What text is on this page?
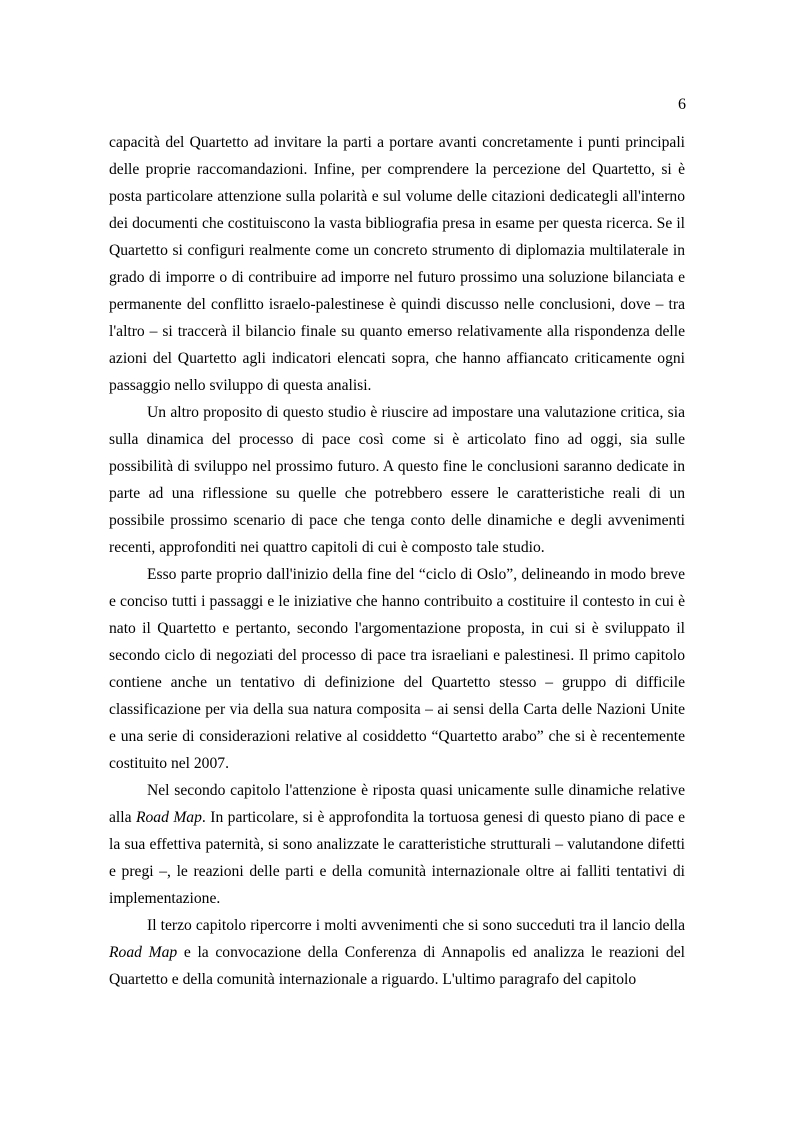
6

capacità del Quartetto ad invitare la parti a portare avanti concretamente i punti principali delle proprie raccomandazioni. Infine, per comprendere la percezione del Quartetto, si è posta particolare attenzione sulla polarità e sul volume delle citazioni dedicategli all'interno dei documenti che costituiscono la vasta bibliografia presa in esame per questa ricerca. Se il Quartetto si configuri realmente come un concreto strumento di diplomazia multilaterale in grado di imporre o di contribuire ad imporre nel futuro prossimo una soluzione bilanciata e permanente del conflitto israelo-palestinese è quindi discusso nelle conclusioni, dove – tra l'altro – si traccerà il bilancio finale su quanto emerso relativamente alla rispondenza delle azioni del Quartetto agli indicatori elencati sopra, che hanno affiancato criticamente ogni passaggio nello sviluppo di questa analisi.

Un altro proposito di questo studio è riuscire ad impostare una valutazione critica, sia sulla dinamica del processo di pace così come si è articolato fino ad oggi, sia sulle possibilità di sviluppo nel prossimo futuro. A questo fine le conclusioni saranno dedicate in parte ad una riflessione su quelle che potrebbero essere le caratteristiche reali di un possibile prossimo scenario di pace che tenga conto delle dinamiche e degli avvenimenti recenti, approfonditi nei quattro capitoli di cui è composto tale studio.

Esso parte proprio dall'inizio della fine del “ciclo di Oslo”, delineando in modo breve e conciso tutti i passaggi e le iniziative che hanno contribuito a costituire il contesto in cui è nato il Quartetto e pertanto, secondo l'argomentazione proposta, in cui si è sviluppato il secondo ciclo di negoziati del processo di pace tra israeliani e palestinesi. Il primo capitolo contiene anche un tentativo di definizione del Quartetto stesso – gruppo di difficile classificazione per via della sua natura composita – ai sensi della Carta delle Nazioni Unite e una serie di considerazioni relative al cosiddetto “Quartetto arabo” che si è recentemente costituito nel 2007.

Nel secondo capitolo l'attenzione è riposta quasi unicamente sulle dinamiche relative alla Road Map. In particolare, si è approfondita la tortuosa genesi di questo piano di pace e la sua effettiva paternità, si sono analizzate le caratteristiche strutturali – valutandone difetti e pregi –, le reazioni delle parti e della comunità internazionale oltre ai falliti tentativi di implementazione.

Il terzo capitolo ripercorre i molti avvenimenti che si sono succeduti tra il lancio della Road Map e la convocazione della Conferenza di Annapolis ed analizza le reazioni del Quartetto e della comunità internazionale a riguardo. L'ultimo paragrafo del capitolo
